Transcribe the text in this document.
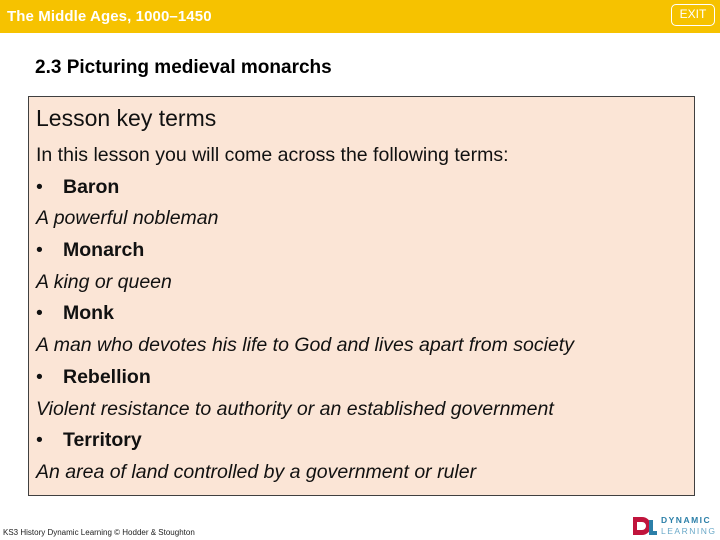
The Middle Ages, 1000–1450	EXIT
2.3 Picturing medieval monarchs
Lesson key terms
In this lesson you will come across the following terms:
•	Baron
A powerful nobleman
•	Monarch
A king or queen
•	Monk
A man who devotes his life to God and lives apart from society
•	Rebellion
Violent resistance to authority or an established government
•	Territory
An area of land controlled by a government or ruler
KS3 History Dynamic Learning © Hodder & Stoughton
DYNAMIC
LEARNING
